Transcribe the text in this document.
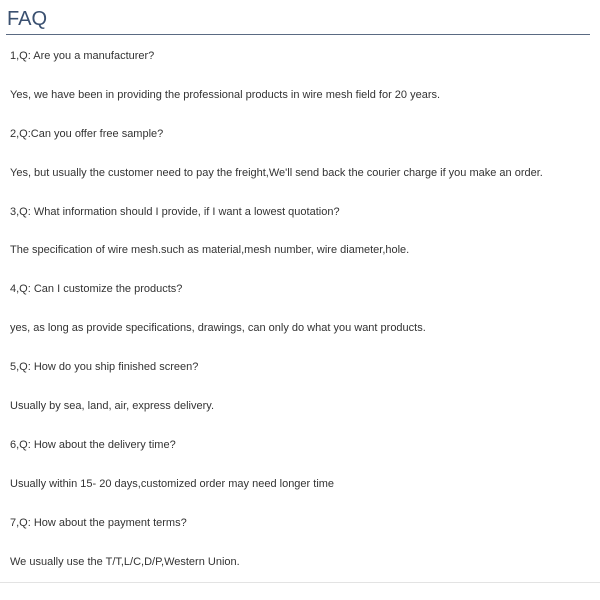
FAQ
1,Q: Are you a manufacturer?
Yes, we have been in providing the professional products in wire mesh field for 20 years.
2,Q:Can you offer free sample?
Yes, but usually the customer need to pay the freight,We'll send back the courier charge if you make an order.
3,Q: What information should I provide, if I want a lowest quotation?
The specification of wire mesh.such as material,mesh number, wire diameter,hole.
4,Q: Can I customize the products?
yes, as long as provide specifications, drawings, can only do what you want products.
5,Q: How do you ship finished screen?
Usually by sea, land, air, express delivery.
6,Q: How about the delivery time?
Usually within 15- 20 days,customized order may need longer time
7,Q: How about the payment terms?
We usually use the T/T,L/C,D/P,Western Union.
